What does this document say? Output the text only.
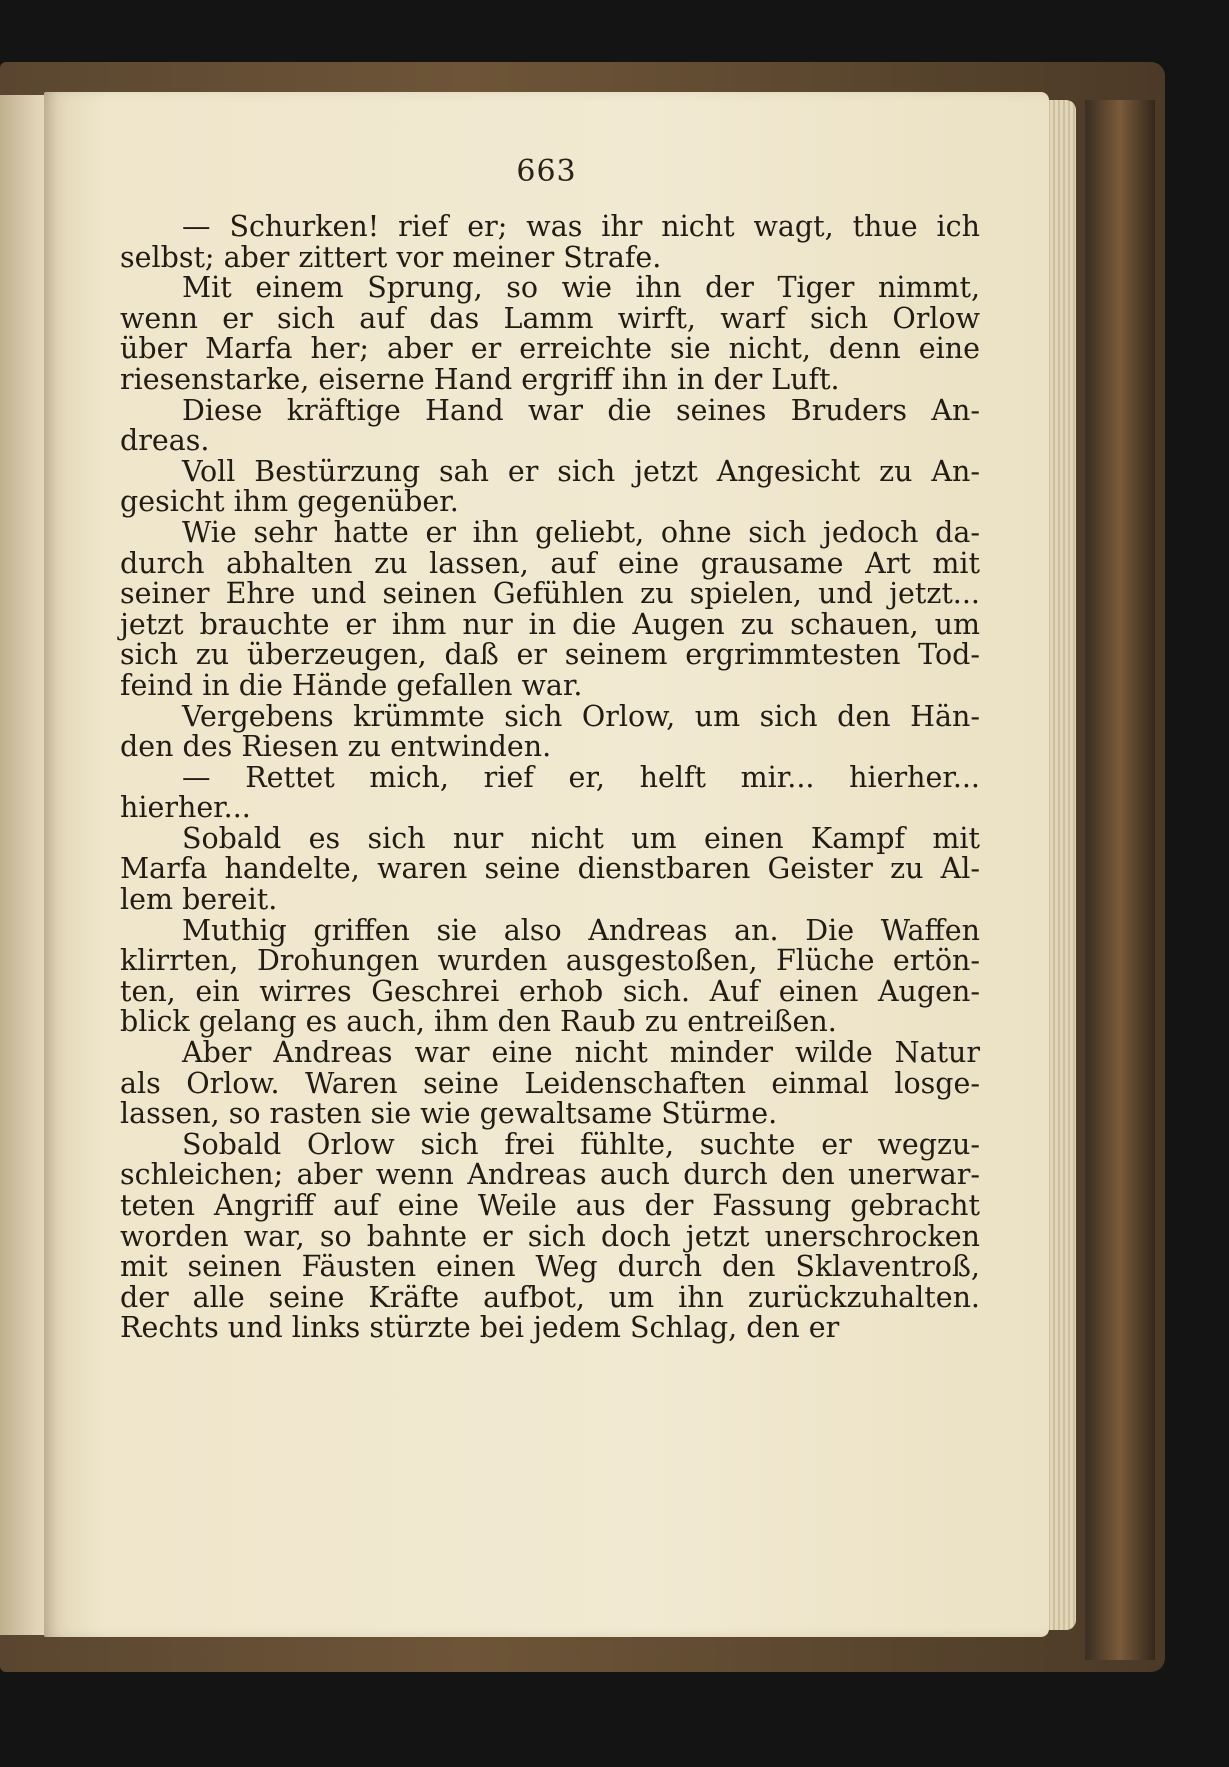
663

— Schurken! rief er; was ihr nicht wagt, thue ich
selbst; aber zittert vor meiner Strafe.

Mit einem Sprung, so wie ihn der Tiger nimmt,
wenn er sich auf das Lamm wirft, warf sich Orlow
über Marfa her; aber er erreichte sie nicht, denn eine
riesenstarke, eiserne Hand ergriff ihn in der Luft.

Diese kräftige Hand war die seines Bruders An-
dreas.

Voll Bestürzung sah er sich jetzt Angesicht zu An-
gesicht ihm gegenüber.

Wie sehr hatte er ihn geliebt, ohne sich jedoch da-
durch abhalten zu lassen, auf eine grausame Art mit
seiner Ehre und seinen Gefühlen zu spielen, und jetzt...
jetzt brauchte er ihm nur in die Augen zu schauen, um
sich zu überzeugen, daß er seinem ergrimmtesten Tod-
feind in die Hände gefallen war.

Vergebens krümmte sich Orlow, um sich den Hän-
den des Riesen zu entwinden.

— Rettet mich, rief er, helft mir... hierher...
hierher...

Sobald es sich nur nicht um einen Kampf mit
Marfa handelte, waren seine dienstbaren Geister zu Al-
lem bereit.

Muthig griffen sie also Andreas an. Die Waffen
klirrten, Drohungen wurden ausgestoßen, Flüche ertön-
ten, ein wirres Geschrei erhob sich. Auf einen Augen-
blick gelang es auch, ihm den Raub zu entreißen.

Aber Andreas war eine nicht minder wilde Natur
als Orlow. Waren seine Leidenschaften einmal losge-
lassen, so rasten sie wie gewaltsame Stürme.

Sobald Orlow sich frei fühlte, suchte er wegzu-
schleichen; aber wenn Andreas auch durch den unerwar-
teten Angriff auf eine Weile aus der Fassung gebracht
worden war, so bahnte er sich doch jetzt unerschrocken
mit seinen Fäusten einen Weg durch den Sklaventroß,
der alle seine Kräfte aufbot, um ihn zurückzuhalten.
Rechts und links stürzte bei jedem Schlag, den er
